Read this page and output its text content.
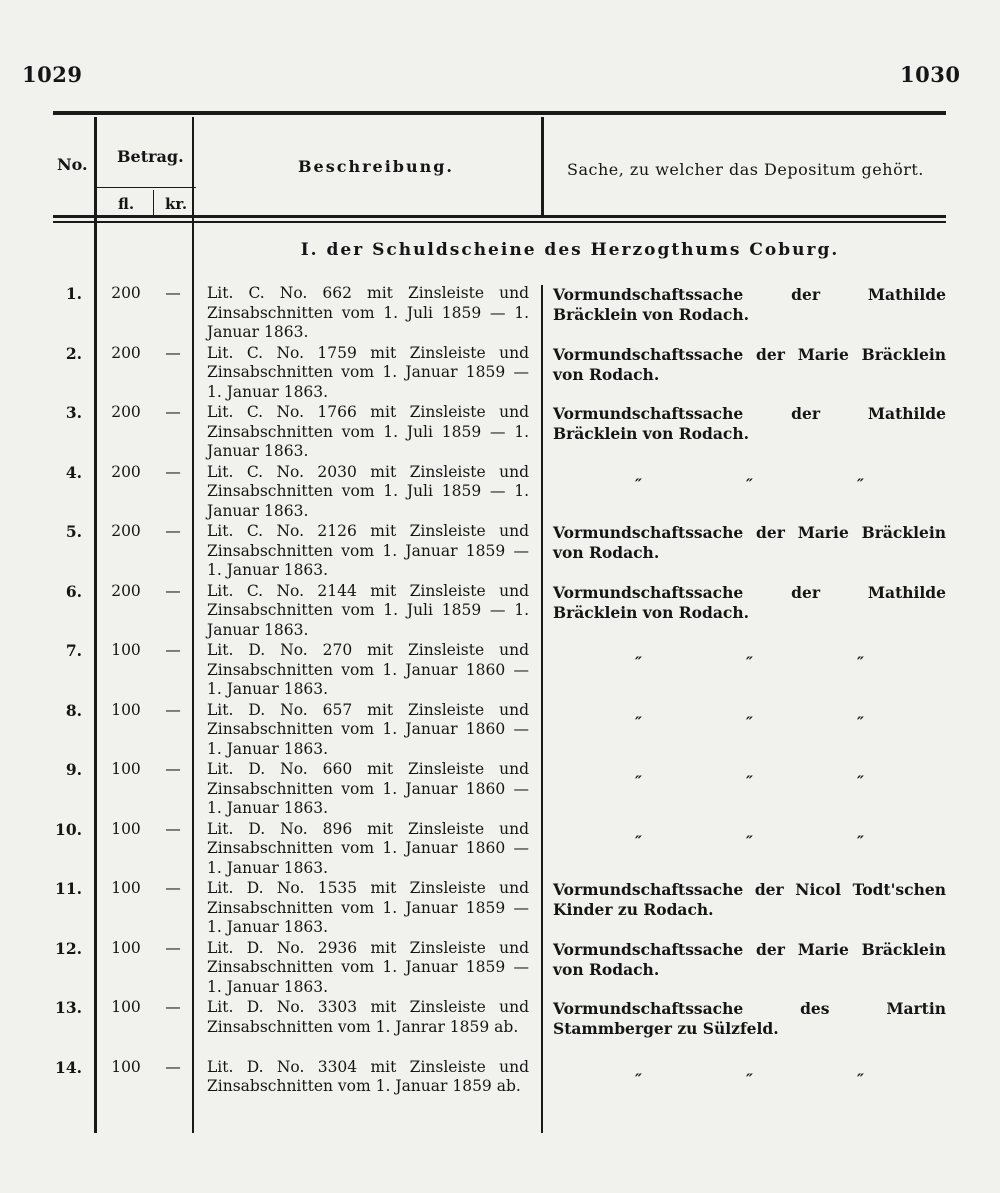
1029	1030
No. Betrag.
fl. kr.
Beschreibung.	Sache, zu welcher das Depositum gehört.
I. der Schuldscheine des Herzogthums Coburg.
1.	200	—	Lit. C. No. 662 mit Zinsleiste und Zinsabschnitten vom 1. Juli 1859 — 1. Januar 1863.
Vormundschaftssache der Mathilde Bräcklein von Rodach.
2.	200	—	Lit. C. No. 1759 mit Zinsleiste und Zinsabschnitten vom 1. Januar 1859 — 1. Januar 1863.
Vormundschaftssache der Marie Bräcklein von Rodach.
3.	200	—	Lit. C. No. 1766 mit Zinsleiste und Zinsabschnitten vom 1. Juli 1859 — 1. Januar 1863.
Vormundschaftssache der Mathilde Bräcklein von Rodach.
4.	200	—	Lit. C. No. 2030 mit Zinsleiste und Zinsabschnitten vom 1. Juli 1859 — 1. Januar 1863.
″	″	″
5.	200	—	Lit. C. No. 2126 mit Zinsleiste und Zinsabschnitten vom 1. Januar 1859 — 1. Januar 1863.
Vormundschaftssache der Marie Bräcklein von Rodach.
6.	200	—	Lit. C. No. 2144 mit Zinsleiste und Zinsabschnitten vom 1. Juli 1859 — 1. Januar 1863.
Vormundschaftssache der Mathilde Bräcklein von Rodach.
7.	100	—	Lit. D. No. 270 mit Zinsleiste und Zinsabschnitten vom 1. Januar 1860 — 1. Januar 1863.
″	″	″
8.	100	—	Lit. D. No. 657 mit Zinsleiste und Zinsabschnitten vom 1. Januar 1860 — 1. Januar 1863.
″	″	″
9.	100	—	Lit. D. No. 660 mit Zinsleiste und Zinsabschnitten vom 1. Januar 1860 — 1. Januar 1863.
″	″	″
10.	100	—	Lit. D. No. 896 mit Zinsleiste und Zinsabschnitten vom 1. Januar 1860 — 1. Januar 1863.
″	″	″
11.	100	—	Lit. D. No. 1535 mit Zinsleiste und Zinsabschnitten vom 1. Januar 1859 — 1. Januar 1863.
Vormundschaftssache der Nicol Todt'schen Kinder zu Rodach.
12.	100	—	Lit. D. No. 2936 mit Zinsleiste und Zinsabschnitten vom 1. Januar 1859 — 1. Januar 1863.
Vormundschaftssache der Marie Bräcklein von Rodach.
13.	100	—	Lit. D. No. 3303 mit Zinsleiste und Zinsabschnitten vom 1. Janrar 1859 ab.
Vormundschaftssache des Martin Stammberger zu Sülzfeld.
14.	100	—	Lit. D. No. 3304 mit Zinsleiste und Zinsabschnitten vom 1. Januar 1859 ab.	″	″	″
